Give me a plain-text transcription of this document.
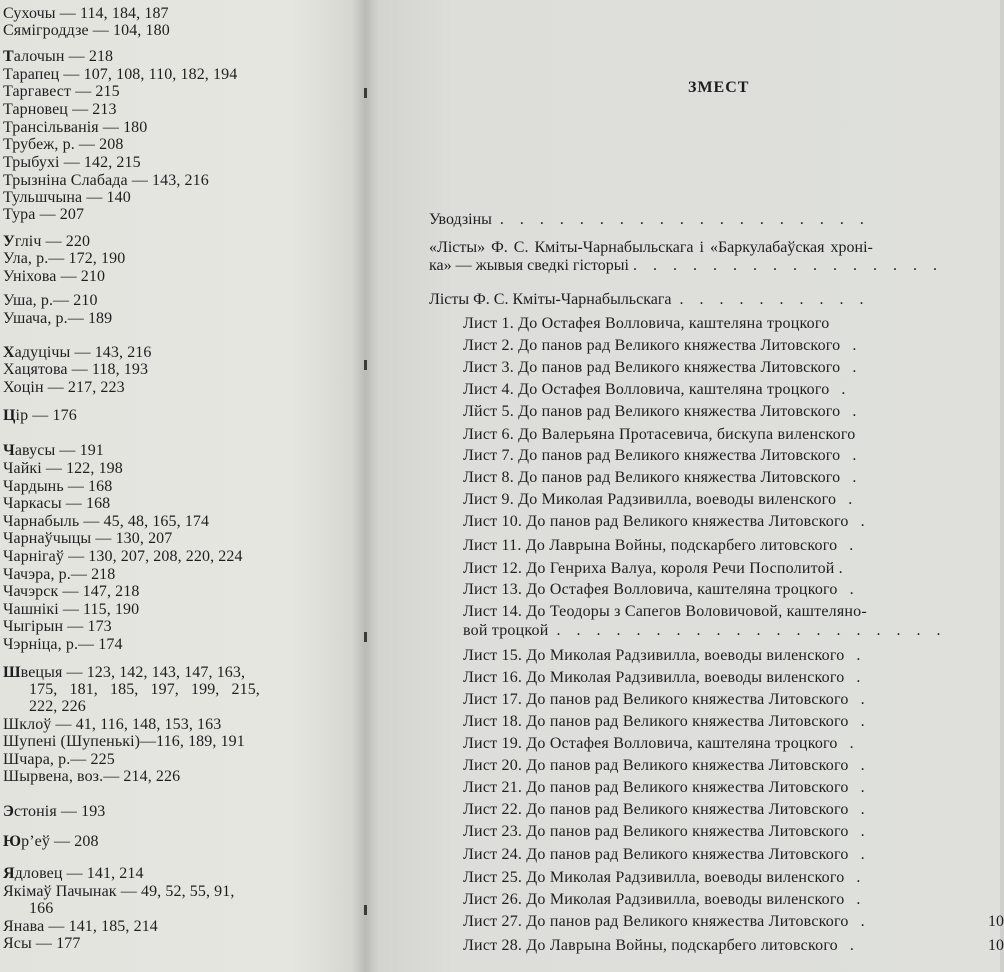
Сухочы — 114, 184, 187
Сямігроддзе — 104, 180
Талочын — 218
Тарапец — 107, 108, 110, 182, 194
Таргавест — 215
Тарновец — 213
Трансільванія — 180
Трубеж, р. — 208
Трыбухі — 142, 215
Трызніна Слабада — 143, 216
Тульшчына — 140
Тура — 207
Угліч — 220
Ула, р.— 172, 190
Уніхова — 210
Уша, р.— 210
Ушача, р.— 189
Хадуцічы — 143, 216
Хацятова — 118, 193
Хоцін — 217, 223
Цір — 176
Чавусы — 191
Чайкі — 122, 198
Чардынь — 168
Чаркасы — 168
Чарнабыль — 45, 48, 165, 174
Чарнаўчыцы — 130, 207
Чарнігаў — 130, 207, 208, 220, 224
Чачэра, р.— 218
Чачэрск — 147, 218
Чашнікі — 115, 190
Чыгірын — 173
Чэрніца, р.— 174
Швецыя — 123, 142, 143, 147, 163,
175, 181, 185, 197, 199, 215,
222, 226
Шклоў — 41, 116, 148, 153, 163
Шупені (Шупенькі)—116, 189, 191
Шчара, р.— 225
Шырвена, воз.— 214, 226
Эстонія — 193
Юр’еў — 208
Ядловец — 141, 214
Якімаў Пачынак — 49, 52, 55, 91,
166
Янава — 141, 185, 214
Ясы — 177
ЗМЕСТ
Уводзіны . . . . . . . . . . . . . . . . . . .
«Лісты» Ф. С. Кміты-Чарнабыльскага і «Баркулабаўская хроні-
ка» — жывыя сведкі гісторыі . . . . . . . . . . . . . . . .
Лісты Ф. С. Кміты-Чарнабыльскага . . . . . . . . . .
Лист 1. До Остафея Волловича, каштеляна троцкого
Лист 2. До панов рад Великого княжества Литовского .
Лист 3. До панов рад Великого княжества Литовского .
Лист 4. До Остафея Волловича, каштеляна троцкого .
Лйст 5. До панов рад Великого княжества Литовского .
Лист 6. До Валерьяна Протасевича, бискупа виленского
Лист 7. До панов рад Великого княжества Литовского .
Лист 8. До панов рад Великого княжества Литовского .
Лист 9. До Миколая Радзивилла, воеводы виленского .
Лист 10. До панов рад Великого княжества Литовского .
Лист 11. До Лаврына Войны, подскарбего литовского .
Лист 12. До Генриха Валуа, короля Речи Посполитой .
Лист 13. До Остафея Волловича, каштеляна троцкого .
Лист 14. До Теодоры з Сапегов Воловичовой, каштеляно-
вой троцкой . . . . . . . . . . . . . . . . . . . .
Лист 15. До Миколая Радзивилла, воеводы виленского .
Лист 16. До Миколая Радзивилла, воеводы виленского .
Лист 17. До панов рад Великого княжества Литовского .
Лист 18. До панов рад Великого княжества Литовского .
Лист 19. До Остафея Волловича, каштеляна троцкого .
Лист 20. До панов рад Великого княжества Литовского .
Лист 21. До панов рад Великого княжества Литовского .
Лист 22. До панов рад Великого княжества Литовского .
Лист 23. До панов рад Великого княжества Литовского .
Лист 24. До панов рад Великого княжества Литовского .
Лист 25. До Миколая Радзивилла, воеводы виленского .
Лист 26. До Миколая Радзивилла, воеводы виленского .
Лист 27. До панов рад Великого княжества Литовского .
Лист 28. До Лаврына Войны, подскарбего литовского .
10
10
